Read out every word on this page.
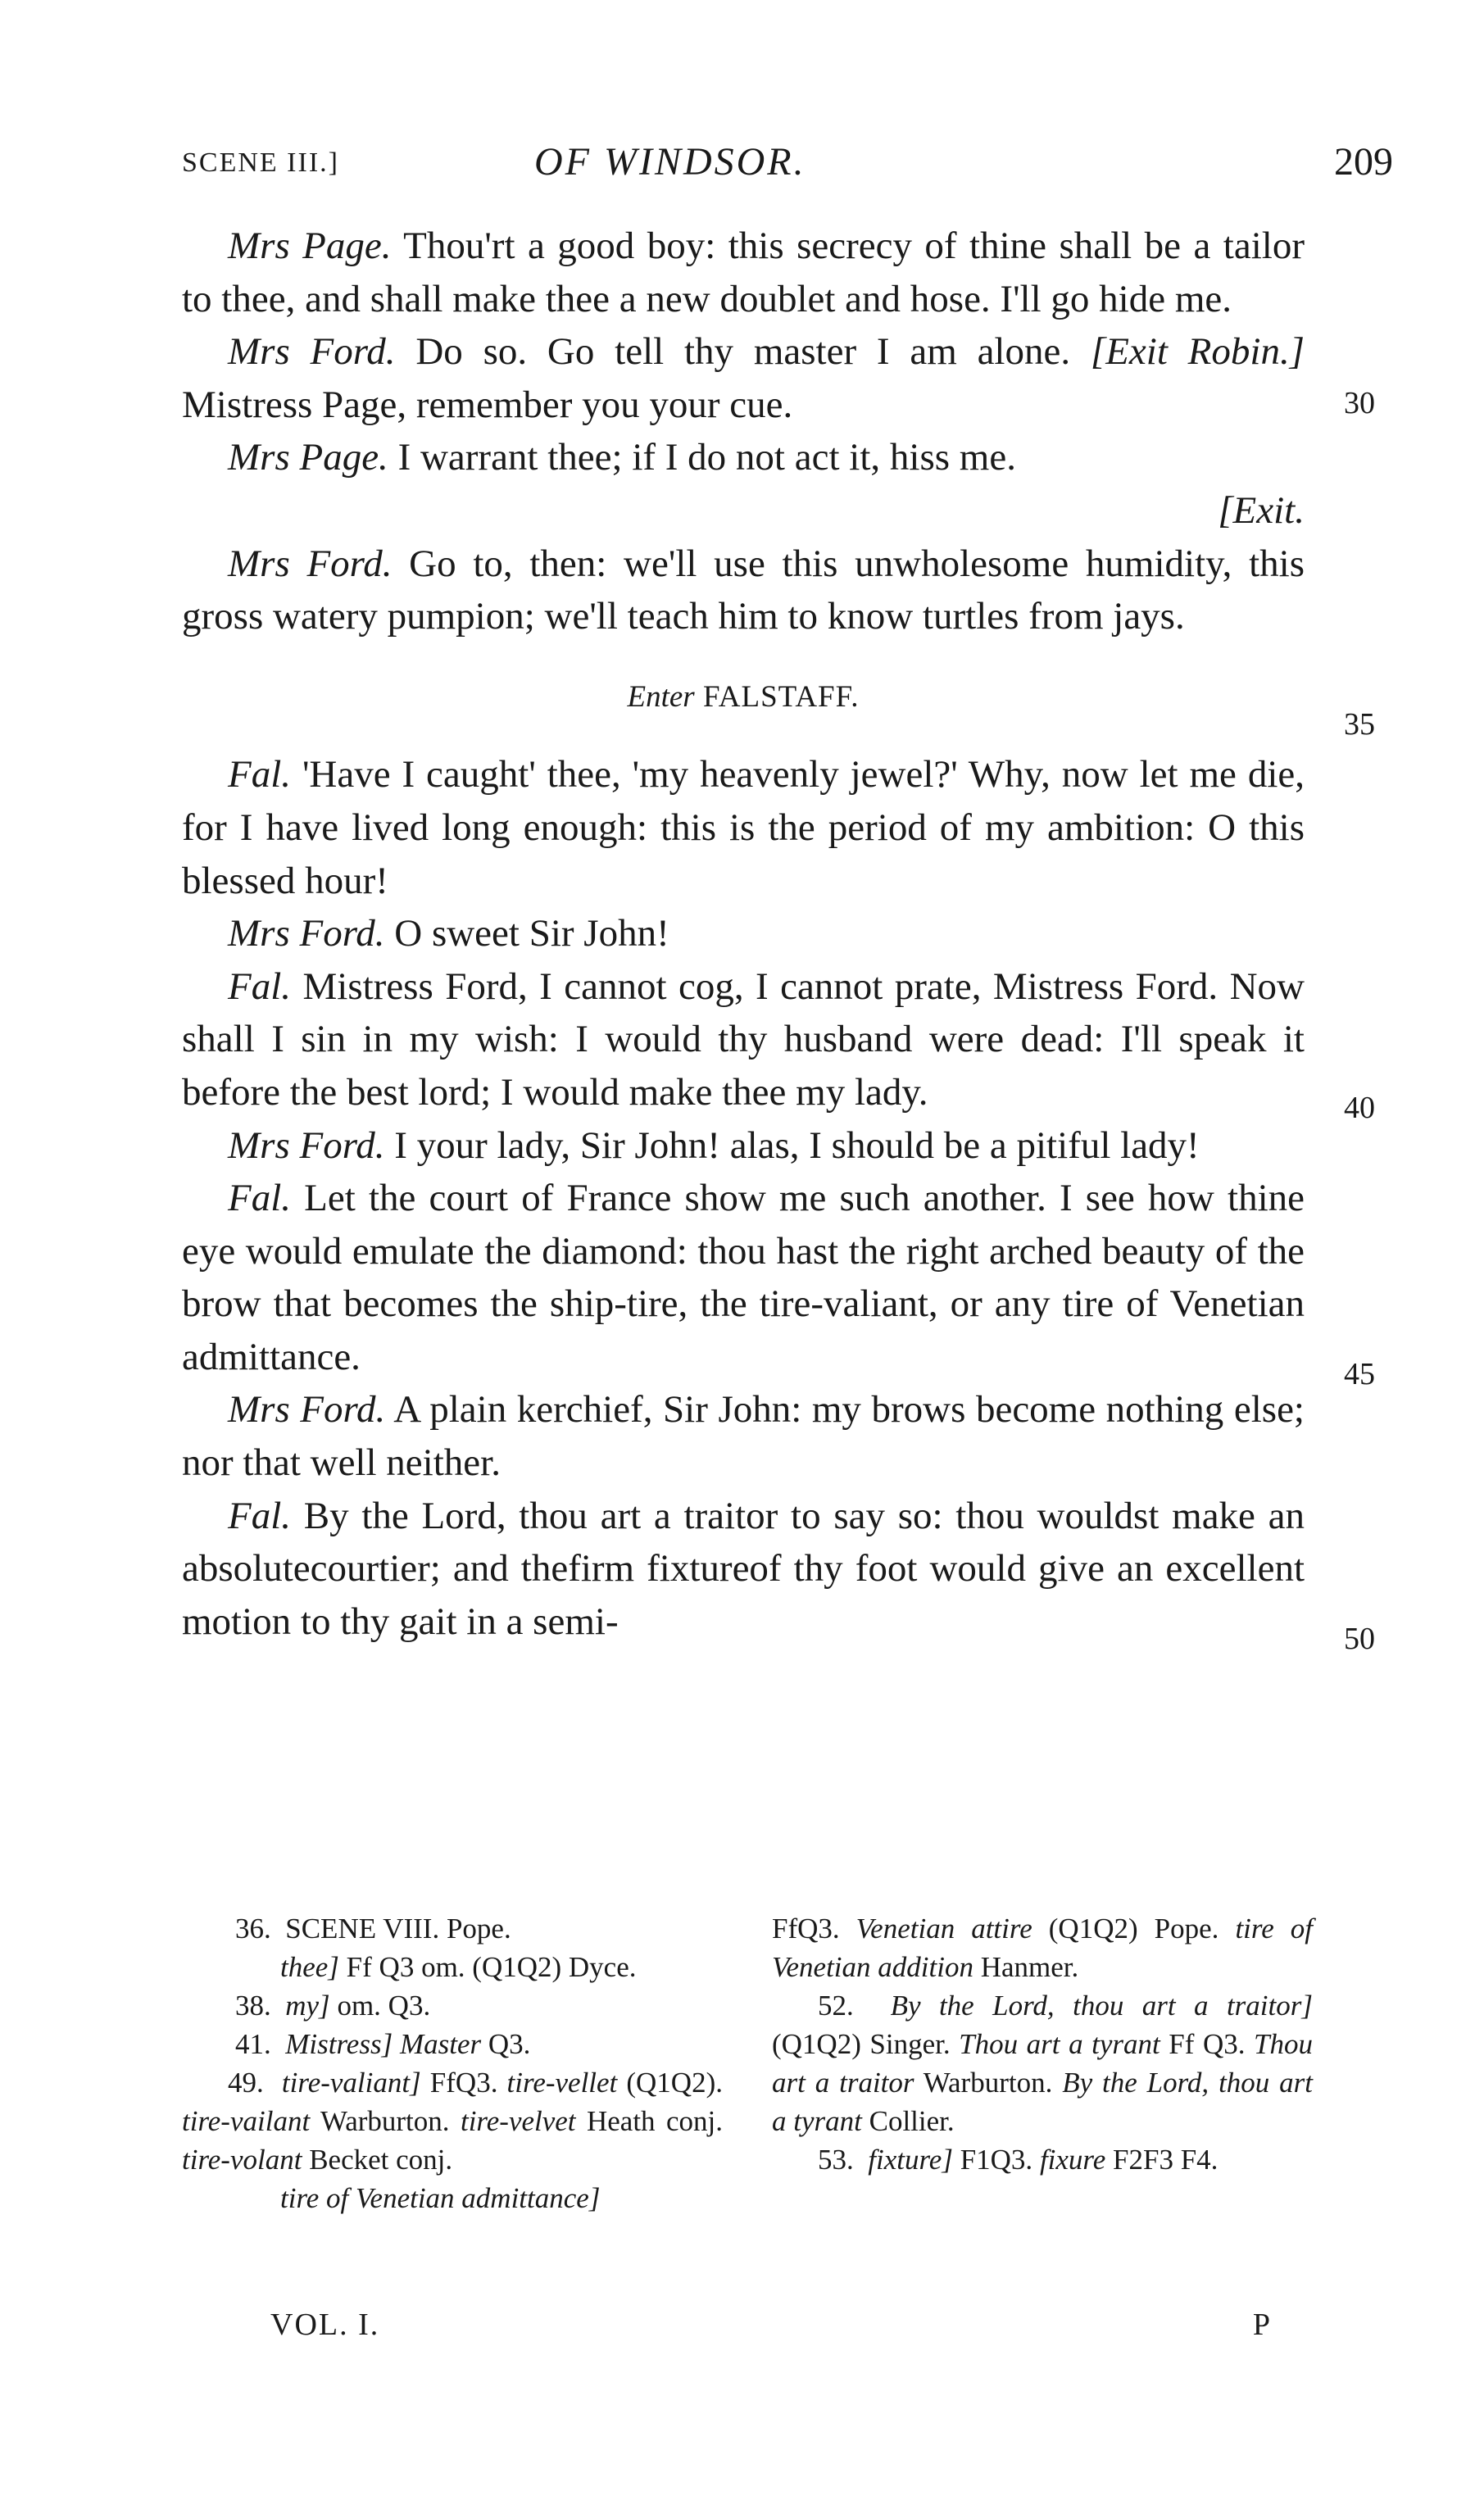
SCENE III.]	OF WINDSOR.	209

Mrs Page. Thou'rt a good boy: this secrecy of thine shall be a tailor to thee, and shall make thee a new doublet and hose. I'll go hide me.

Mrs Ford. Do so. Go tell thy master I am alone. [Exit Robin.] Mistress Page, remember you your cue.

Mrs Page. I warrant thee; if I do not act it, hiss me.

[Exit.

Mrs Ford. Go to, then: we'll use this unwholesome humidity, this gross watery pumpion; we'll teach him to know turtles from jays.

Enter FALSTAFF.

Fal. 'Have I caught' thee, 'my heavenly jewel?' Why, now let me die, for I have lived long enough: this is the period of my ambition: O this blessed hour!

Mrs Ford. O sweet Sir John!

Fal. Mistress Ford, I cannot cog, I cannot prate, Mistress Ford. Now shall I sin in my wish: I would thy husband were dead: I'll speak it before the best lord; I would make thee my lady.

Mrs Ford. I your lady, Sir John! alas, I should be a pitiful lady!

Fal. Let the court of France show me such another. I see how thine eye would emulate the diamond: thou hast the right arched beauty of the brow that becomes the ship-tire, the tire-valiant, or any tire of Venetian admittance.

Mrs Ford. A plain kerchief, Sir John: my brows become nothing else; nor that well neither.

Fal. By the Lord, thou art a traitor to say so: thou wouldst make an absolutecourtier; and thefirm fixtureof thy foot would give an excellent motion to thy gait in a semi-

30
35
40
45
50

36. SCENE VIII. Pope.

thee] Ff Q3 om. (Q1Q2) Dyce.

38. my] om. Q3.

41. Mistress] Master Q3.

49. tire-valiant] FfQ3. tire-vellet (Q1Q2). tire-vailant Warburton. tire-velvet Heath conj. tire-volant Becket conj.

tire of Venetian admittance]

FfQ3. Venetian attire (Q1Q2) Pope. tire of Venetian addition Hanmer.

52. By the Lord, thou art a traitor] (Q1Q2) Singer. Thou art a tyrant Ff Q3. Thou art a traitor Warburton. By the Lord, thou art a tyrant Collier.

53. fixture] F1Q3. fixure F2F3 F4.

VOL. I.	P
